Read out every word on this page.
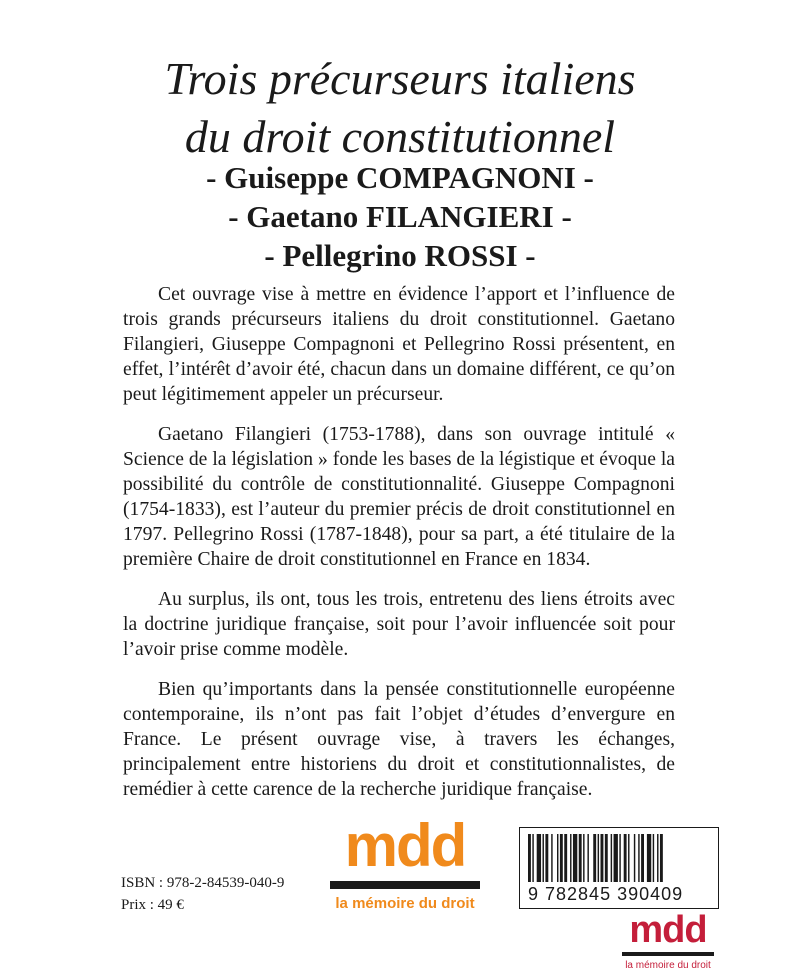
Trois précurseurs italiens
du droit constitutionnel
- Guiseppe COMPAGNONI -
- Gaetano FILANGIERI -
- Pellegrino ROSSI -

Cet ouvrage vise à mettre en évidence l’apport et l’influence de trois grands précurseurs italiens du droit constitutionnel. Gaetano Filangieri, Giuseppe Compagnoni et Pellegrino Rossi présentent, en effet, l’intérêt d’avoir été, chacun dans un domaine différent, ce qu’on peut légitimement appeler un précurseur.

Gaetano Filangieri (1753-1788), dans son ouvrage intitulé « Science de la législation » fonde les bases de la légistique et évoque la possibilité du contrôle de constitutionnalité. Giuseppe Compagnoni (1754-1833), est l’auteur du premier précis de droit constitutionnel en 1797. Pellegrino Rossi (1787-1848), pour sa part, a été titulaire de la première Chaire de droit constitutionnel en France en 1834.

Au surplus, ils ont, tous les trois, entretenu des liens étroits avec la doctrine juridique française, soit pour l’avoir influencée soit pour l’avoir prise comme modèle.

Bien qu’importants dans la pensée constitutionnelle européenne contemporaine, ils n’ont pas fait l’objet d’études d’envergure en France. Le présent ouvrage vise, à travers les échanges, principalement entre historiens du droit et constitutionnalistes, de remédier à cette carence de la recherche juridique française.

ISBN : 978-2-84539-040-9
Prix : 49 €
mdd
la mémoire du droit	9 782845 390409
mdd
la mémoire du droit
